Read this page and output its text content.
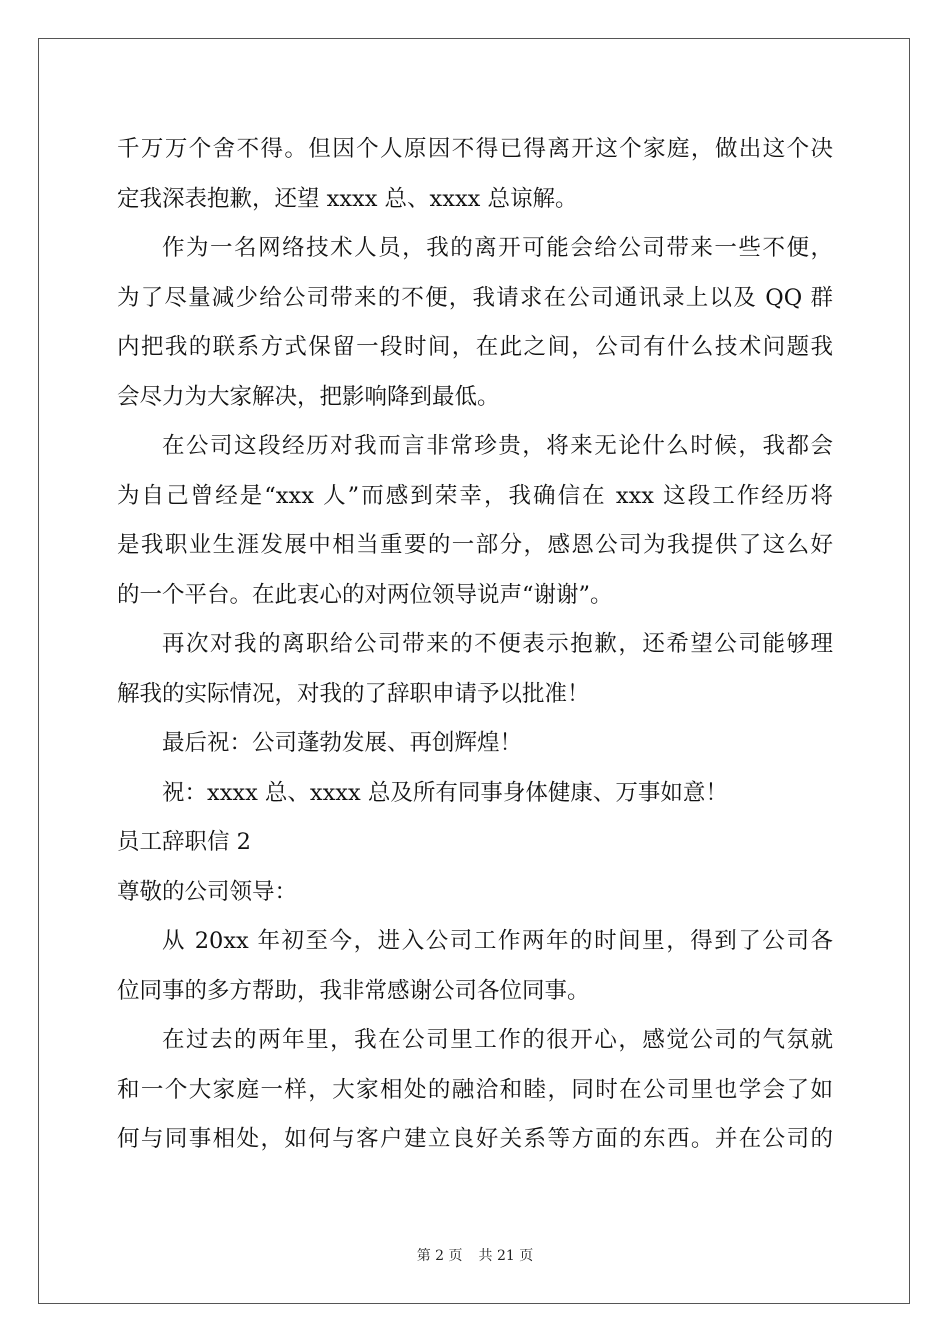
千万万个舍不得。但因个人原因不得已得离开这个家庭，做出这个决
定我深表抱歉，还望 xxxx 总、xxxx 总谅解。
作为一名网络技术人员，我的离开可能会给公司带来一些不便，
为了尽量减少给公司带来的不便，我请求在公司通讯录上以及 QQ 群
内把我的联系方式保留一段时间，在此之间，公司有什么技术问题我
会尽力为大家解决，把影响降到最低。
在公司这段经历对我而言非常珍贵，将来无论什么时候，我都会
为自己曾经是“xxx 人”而感到荣幸，我确信在 xxx 这段工作经历将
是我职业生涯发展中相当重要的一部分，感恩公司为我提供了这么好
的一个平台。在此衷心的对两位领导说声“谢谢”。
再次对我的离职给公司带来的不便表示抱歉，还希望公司能够理
解我的实际情况，对我的了辞职申请予以批准！
最后祝：公司蓬勃发展、再创辉煌！
祝：xxxx 总、xxxx 总及所有同事身体健康、万事如意！
员工辞职信 2
尊敬的公司领导：
从 20xx 年初至今，进入公司工作两年的时间里，得到了公司各
位同事的多方帮助，我非常感谢公司各位同事。
在过去的两年里，我在公司里工作的很开心，感觉公司的气氛就
和一个大家庭一样，大家相处的融洽和睦，同时在公司里也学会了如
何与同事相处，如何与客户建立良好关系等方面的东西。并在公司的
第 2 页 共 21 页
